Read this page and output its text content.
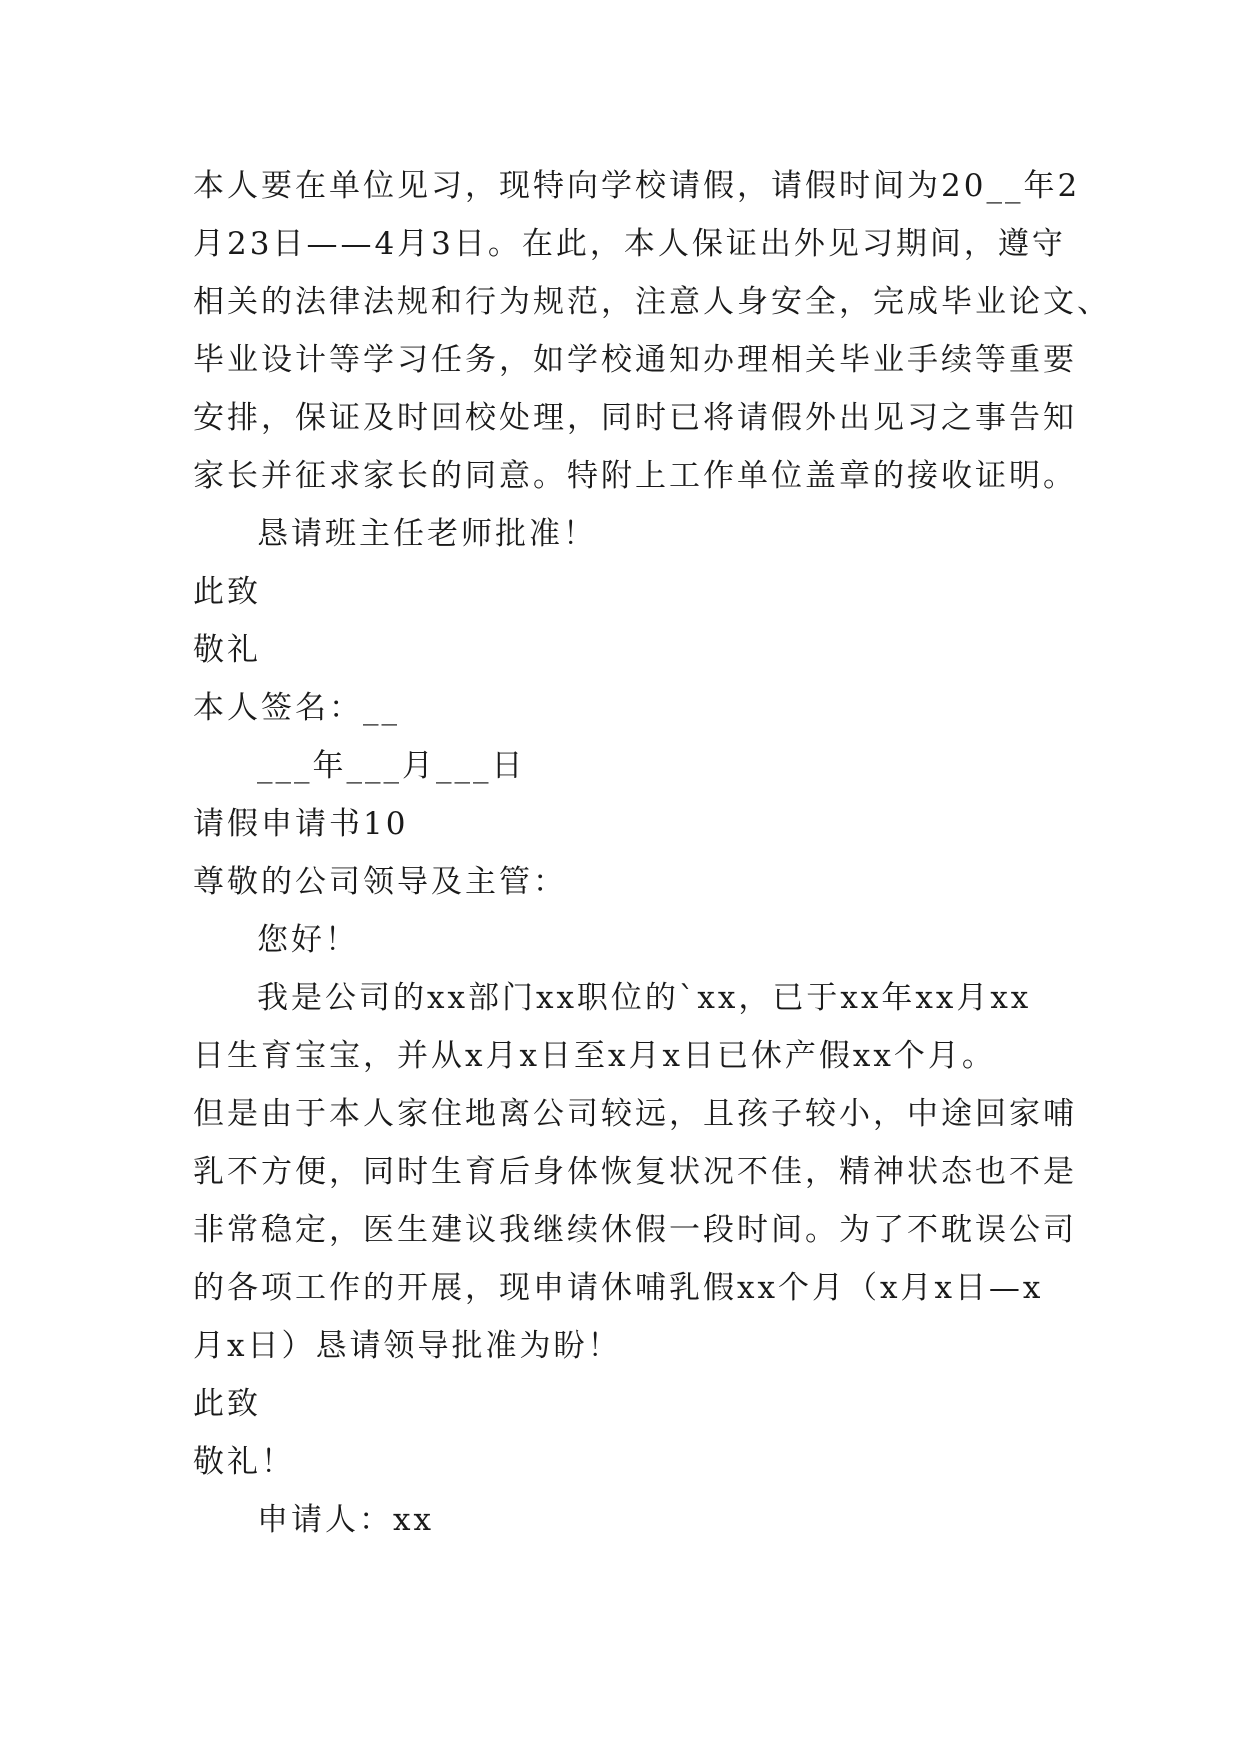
本人要在单位见习，现特向学校请假，请假时间为20__年2
月23日——4月3日。在此，本人保证出外见习期间，遵守
相关的法律法规和行为规范，注意人身安全，完成毕业论文、
毕业设计等学习任务，如学校通知办理相关毕业手续等重要
安排，保证及时回校处理，同时已将请假外出见习之事告知
家长并征求家长的同意。特附上工作单位盖章的接收证明。
恳请班主任老师批准！
此致
敬礼
本人签名：__
___年___月___日
请假申请书10
尊敬的公司领导及主管：
您好！
我是公司的xx部门xx职位的`xx，已于xx年xx月xx
日生育宝宝，并从x月x日至x月x日已休产假xx个月。
但是由于本人家住地离公司较远，且孩子较小，中途回家哺
乳不方便，同时生育后身体恢复状况不佳，精神状态也不是
非常稳定，医生建议我继续休假一段时间。为了不耽误公司
的各项工作的开展，现申请休哺乳假xx个月（x月x日—x
月x日）恳请领导批准为盼！
此致
敬礼！
申请人：xx
